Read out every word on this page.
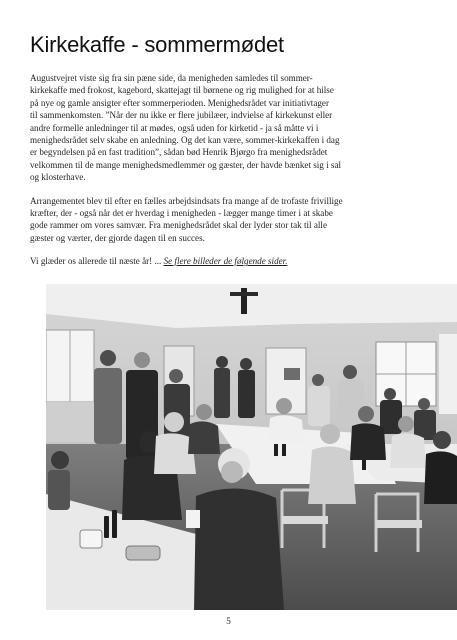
Kirkekaffe - sommermødet

Augustvejret viste sig fra sin pæne side, da menigheden samledes til sommer-
kirkekaffe med frokost, kagebord, skattejagt til børnene og rig mulighed for at hilse
på nye og gamle ansigter efter sommerperioden. Menighedsrådet var initiativtager
til sammenkomsten. ”Når der nu ikke er flere jubilæer, indvielse af kirkekunst eller
andre formelle anledninger til at mødes, også uden for kirketid - ja så måtte vi i
menighedsrådet selv skabe en anledning. Og det kan være, sommer-kirkekaffen i dag
er begyndelsen på en fast tradition”, sådan bød Henrik Bjørgo fra menighedsrådet
velkommen til de mange menighedsmedlemmer og gæster, der havde bænket sig i sal
og klosterhave.

Arrangementet blev til efter en fælles arbejdsindsats fra mange af de trofaste frivillige
kræfter, der - også når det er hverdag i menigheden - lægger mange timer i at skabe
gode rammer om vores samvær. Fra menighedsrådet skal der lyder stor tak til alle
gæster og værter, der gjorde dagen til en succes.

Vi glæder os allerede til næste år! ... Se flere billeder de følgende sider.

5
